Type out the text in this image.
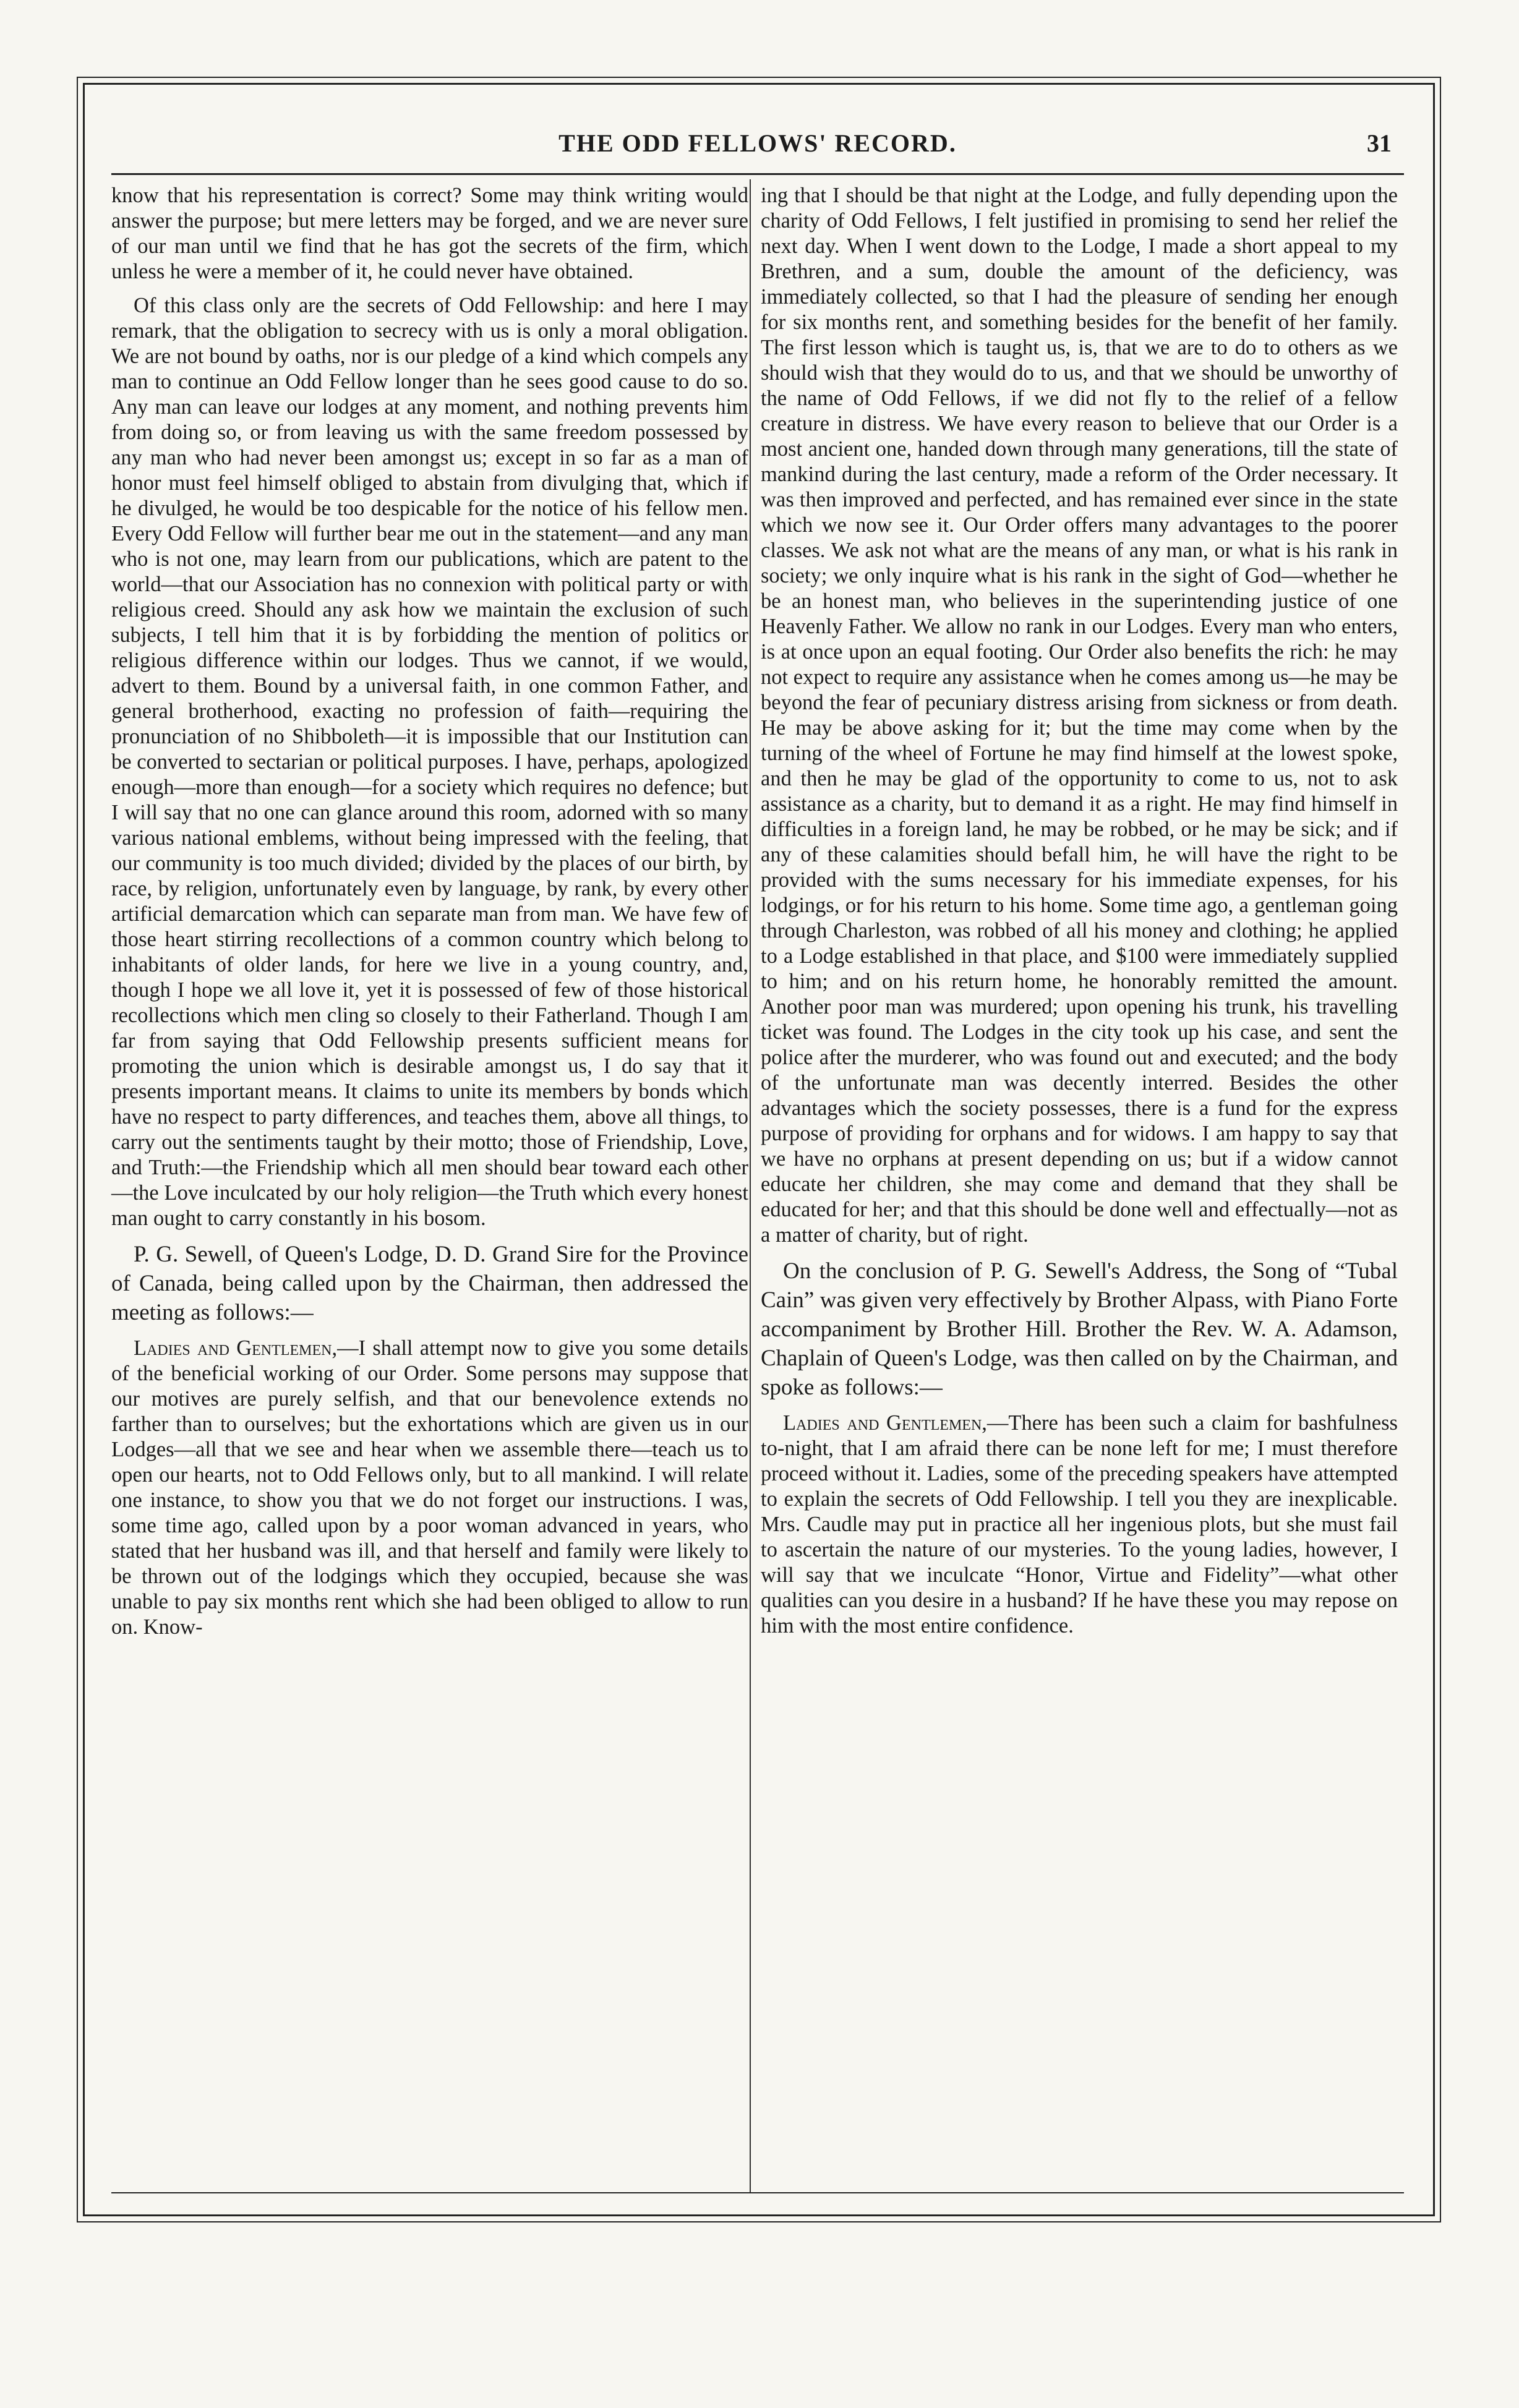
THE ODD FELLOWS' RECORD.	31

know that his representation is correct? Some may think writing would answer the purpose; but mere letters may be forged, and we are never sure of our man until we find that he has got the secrets of the firm, which unless he were a member of it, he could never have obtained.

Of this class only are the secrets of Odd Fellowship: and here I may remark, that the obligation to secrecy with us is only a moral obligation. We are not bound by oaths, nor is our pledge of a kind which compels any man to continue an Odd Fellow longer than he sees good cause to do so. Any man can leave our lodges at any moment, and nothing prevents him from doing so, or from leaving us with the same freedom possessed by any man who had never been amongst us; except in so far as a man of honor must feel himself obliged to abstain from divulging that, which if he divulged, he would be too despicable for the notice of his fellow men. Every Odd Fellow will further bear me out in the statement—and any man who is not one, may learn from our publications, which are patent to the world—that our Association has no connexion with political party or with religious creed. Should any ask how we maintain the exclusion of such subjects, I tell him that it is by forbidding the mention of politics or religious difference within our lodges. Thus we cannot, if we would, advert to them. Bound by a universal faith, in one common Father, and general brotherhood, exacting no profession of faith—requiring the pronunciation of no Shibboleth—it is impossible that our Institution can be converted to sectarian or political purposes. I have, perhaps, apologized enough—more than enough—for a society which requires no defence; but I will say that no one can glance around this room, adorned with so many various national emblems, without being impressed with the feeling, that our community is too much divided; divided by the places of our birth, by race, by religion, unfortunately even by language, by rank, by every other artificial demarcation which can separate man from man. We have few of those heart stirring recollections of a common country which belong to inhabitants of older lands, for here we live in a young country, and, though I hope we all love it, yet it is possessed of few of those historical recollections which men cling so closely to their Fatherland. Though I am far from saying that Odd Fellowship presents sufficient means for promoting the union which is desirable amongst us, I do say that it presents important means. It claims to unite its members by bonds which have no respect to party differences, and teaches them, above all things, to carry out the sentiments taught by their motto; those of Friendship, Love, and Truth:—the Friendship which all men should bear toward each other—the Love inculcated by our holy religion—the Truth which every honest man ought to carry constantly in his bosom.

P. G. Sewell, of Queen's Lodge, D. D. Grand Sire for the Province of Canada, being called upon by the Chairman, then addressed the meeting as follows:—

Ladies and Gentlemen,—I shall attempt now to give you some details of the beneficial working of our Order. Some persons may suppose that our motives are purely selfish, and that our benevolence extends no farther than to ourselves; but the exhortations which are given us in our Lodges—all that we see and hear when we assemble there—teach us to open our hearts, not to Odd Fellows only, but to all mankind. I will relate one instance, to show you that we do not forget our instructions. I was, some time ago, called upon by a poor woman advanced in years, who stated that her husband was ill, and that herself and family were likely to be thrown out of the lodgings which they occupied, because she was unable to pay six months rent which she had been obliged to allow to run on. Know-

ing that I should be that night at the Lodge, and fully depending upon the charity of Odd Fellows, I felt justified in promising to send her relief the next day. When I went down to the Lodge, I made a short appeal to my Brethren, and a sum, double the amount of the deficiency, was immediately collected, so that I had the pleasure of sending her enough for six months rent, and something besides for the benefit of her family. The first lesson which is taught us, is, that we are to do to others as we should wish that they would do to us, and that we should be unworthy of the name of Odd Fellows, if we did not fly to the relief of a fellow creature in distress. We have every reason to believe that our Order is a most ancient one, handed down through many generations, till the state of mankind during the last century, made a reform of the Order necessary. It was then improved and perfected, and has remained ever since in the state which we now see it. Our Order offers many advantages to the poorer classes. We ask not what are the means of any man, or what is his rank in society; we only inquire what is his rank in the sight of God—whether he be an honest man, who believes in the superintending justice of one Heavenly Father. We allow no rank in our Lodges. Every man who enters, is at once upon an equal footing. Our Order also benefits the rich: he may not expect to require any assistance when he comes among us—he may be beyond the fear of pecuniary distress arising from sickness or from death. He may be above asking for it; but the time may come when by the turning of the wheel of Fortune he may find himself at the lowest spoke, and then he may be glad of the opportunity to come to us, not to ask assistance as a charity, but to demand it as a right. He may find himself in difficulties in a foreign land, he may be robbed, or he may be sick; and if any of these calamities should befall him, he will have the right to be provided with the sums necessary for his immediate expenses, for his lodgings, or for his return to his home. Some time ago, a gentleman going through Charleston, was robbed of all his money and clothing; he applied to a Lodge established in that place, and $100 were immediately supplied to him; and on his return home, he honorably remitted the amount. Another poor man was murdered; upon opening his trunk, his travelling ticket was found. The Lodges in the city took up his case, and sent the police after the murderer, who was found out and executed; and the body of the unfortunate man was decently interred. Besides the other advantages which the society possesses, there is a fund for the express purpose of providing for orphans and for widows. I am happy to say that we have no orphans at present depending on us; but if a widow cannot educate her children, she may come and demand that they shall be educated for her; and that this should be done well and effectually—not as a matter of charity, but of right.

On the conclusion of P. G. Sewell's Address, the Song of “Tubal Cain” was given very effectively by Brother Alpass, with Piano Forte accompaniment by Brother Hill. Brother the Rev. W. A. Adamson, Chaplain of Queen's Lodge, was then called on by the Chairman, and spoke as follows:—

Ladies and Gentlemen,—There has been such a claim for bashfulness to-night, that I am afraid there can be none left for me; I must therefore proceed without it. Ladies, some of the preceding speakers have attempted to explain the secrets of Odd Fellowship. I tell you they are inexplicable. Mrs. Caudle may put in practice all her ingenious plots, but she must fail to ascertain the nature of our mysteries. To the young ladies, however, I will say that we inculcate “Honor, Virtue and Fidelity”—what other qualities can you desire in a husband? If he have these you may repose on him with the most entire confidence.
